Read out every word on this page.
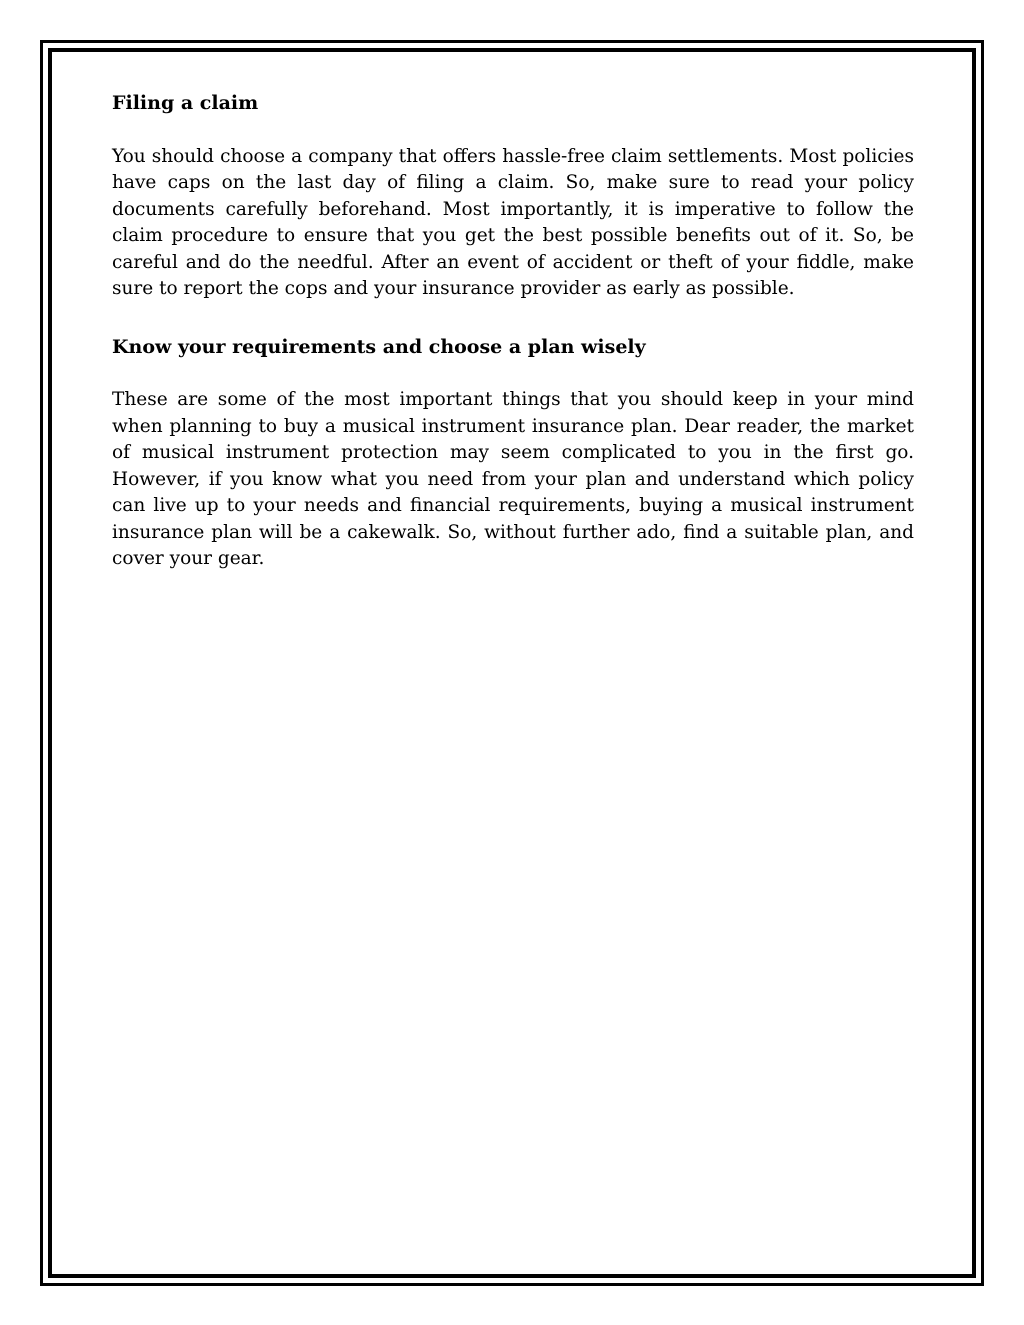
Filing a claim

You should choose a company that offers hassle-free claim settlements. Most policies have caps on the last day of filing a claim. So, make sure to read your policy documents carefully beforehand. Most importantly, it is imperative to follow the claim procedure to ensure that you get the best possible benefits out of it. So, be careful and do the needful. After an event of accident or theft of your fiddle, make sure to report the cops and your insurance provider as early as possible.

Know your requirements and choose a plan wisely

These are some of the most important things that you should keep in your mind when planning to buy a musical instrument insurance plan. Dear reader, the market of musical instrument protection may seem complicated to you in the first go. However, if you know what you need from your plan and understand which policy can live up to your needs and financial requirements, buying a musical instrument insurance plan will be a cakewalk. So, without further ado, find a suitable plan, and cover your gear.
